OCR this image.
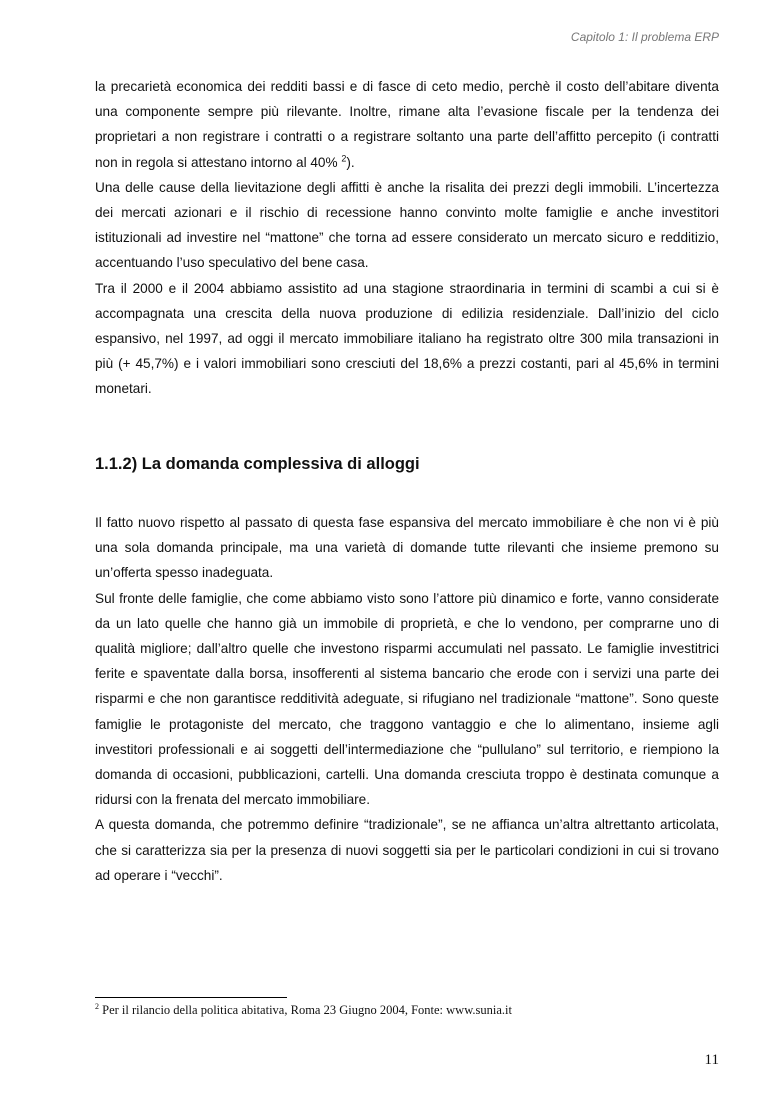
Capitolo 1: Il problema ERP

la precarietà economica dei redditi bassi e di fasce di ceto medio, perchè il costo dell’abitare diventa una componente sempre più rilevante. Inoltre, rimane alta l’evasione fiscale per la tendenza dei proprietari a non registrare i contratti o a registrare soltanto una parte dell’affitto percepito (i contratti non in regola si attestano intorno al 40% $^2$).

Una delle cause della lievitazione degli affitti è anche la risalita dei prezzi degli immobili. L’incertezza dei mercati azionari e il rischio di recessione hanno convinto molte famiglie e anche investitori istituzionali ad investire nel “mattone” che torna ad essere considerato un mercato sicuro e redditizio, accentuando l’uso speculativo del bene casa.

Tra il 2000 e il 2004 abbiamo assistito ad una stagione straordinaria in termini di scambi a cui si è accompagnata una crescita della nuova produzione di edilizia residenziale. Dall’inizio del ciclo espansivo, nel 1997, ad oggi il mercato immobiliare italiano ha registrato oltre 300 mila transazioni in più (+ 45,7%) e i valori immobiliari sono cresciuti del 18,6% a prezzi costanti, pari al 45,6% in termini monetari.

1.1.2) La domanda complessiva di alloggi

Il fatto nuovo rispetto al passato di questa fase espansiva del mercato immobiliare è che non vi è più una sola domanda principale, ma una varietà di domande tutte rilevanti che insieme premono su un’offerta spesso inadeguata.

Sul fronte delle famiglie, che come abbiamo visto sono l’attore più dinamico e forte, vanno considerate da un lato quelle che hanno già un immobile di proprietà, e che lo vendono, per comprarne uno di qualità migliore; dall’altro quelle che investono risparmi accumulati nel passato. Le famiglie investitrici ferite e spaventate dalla borsa, insofferenti al sistema bancario che erode con i servizi una parte dei risparmi e che non garantisce redditività adeguate, si rifugiano nel tradizionale “mattone”. Sono queste famiglie le protagoniste del mercato, che traggono vantaggio e che lo alimentano, insieme agli investitori professionali e ai soggetti dell’intermediazione che “pullulano” sul territorio, e riempiono la domanda di occasioni, pubblicazioni, cartelli. Una domanda cresciuta troppo è destinata comunque a ridursi con la frenata del mercato immobiliare.

A questa domanda, che potremmo definire “tradizionale”, se ne affianca un’altra altrettanto articolata, che si caratterizza sia per la presenza di nuovi soggetti sia per le particolari condizioni in cui si trovano ad operare i “vecchi”.

$^2$ Per il rilancio della politica abitativa, Roma 23 Giugno 2004, Fonte: www.sunia.it
11
